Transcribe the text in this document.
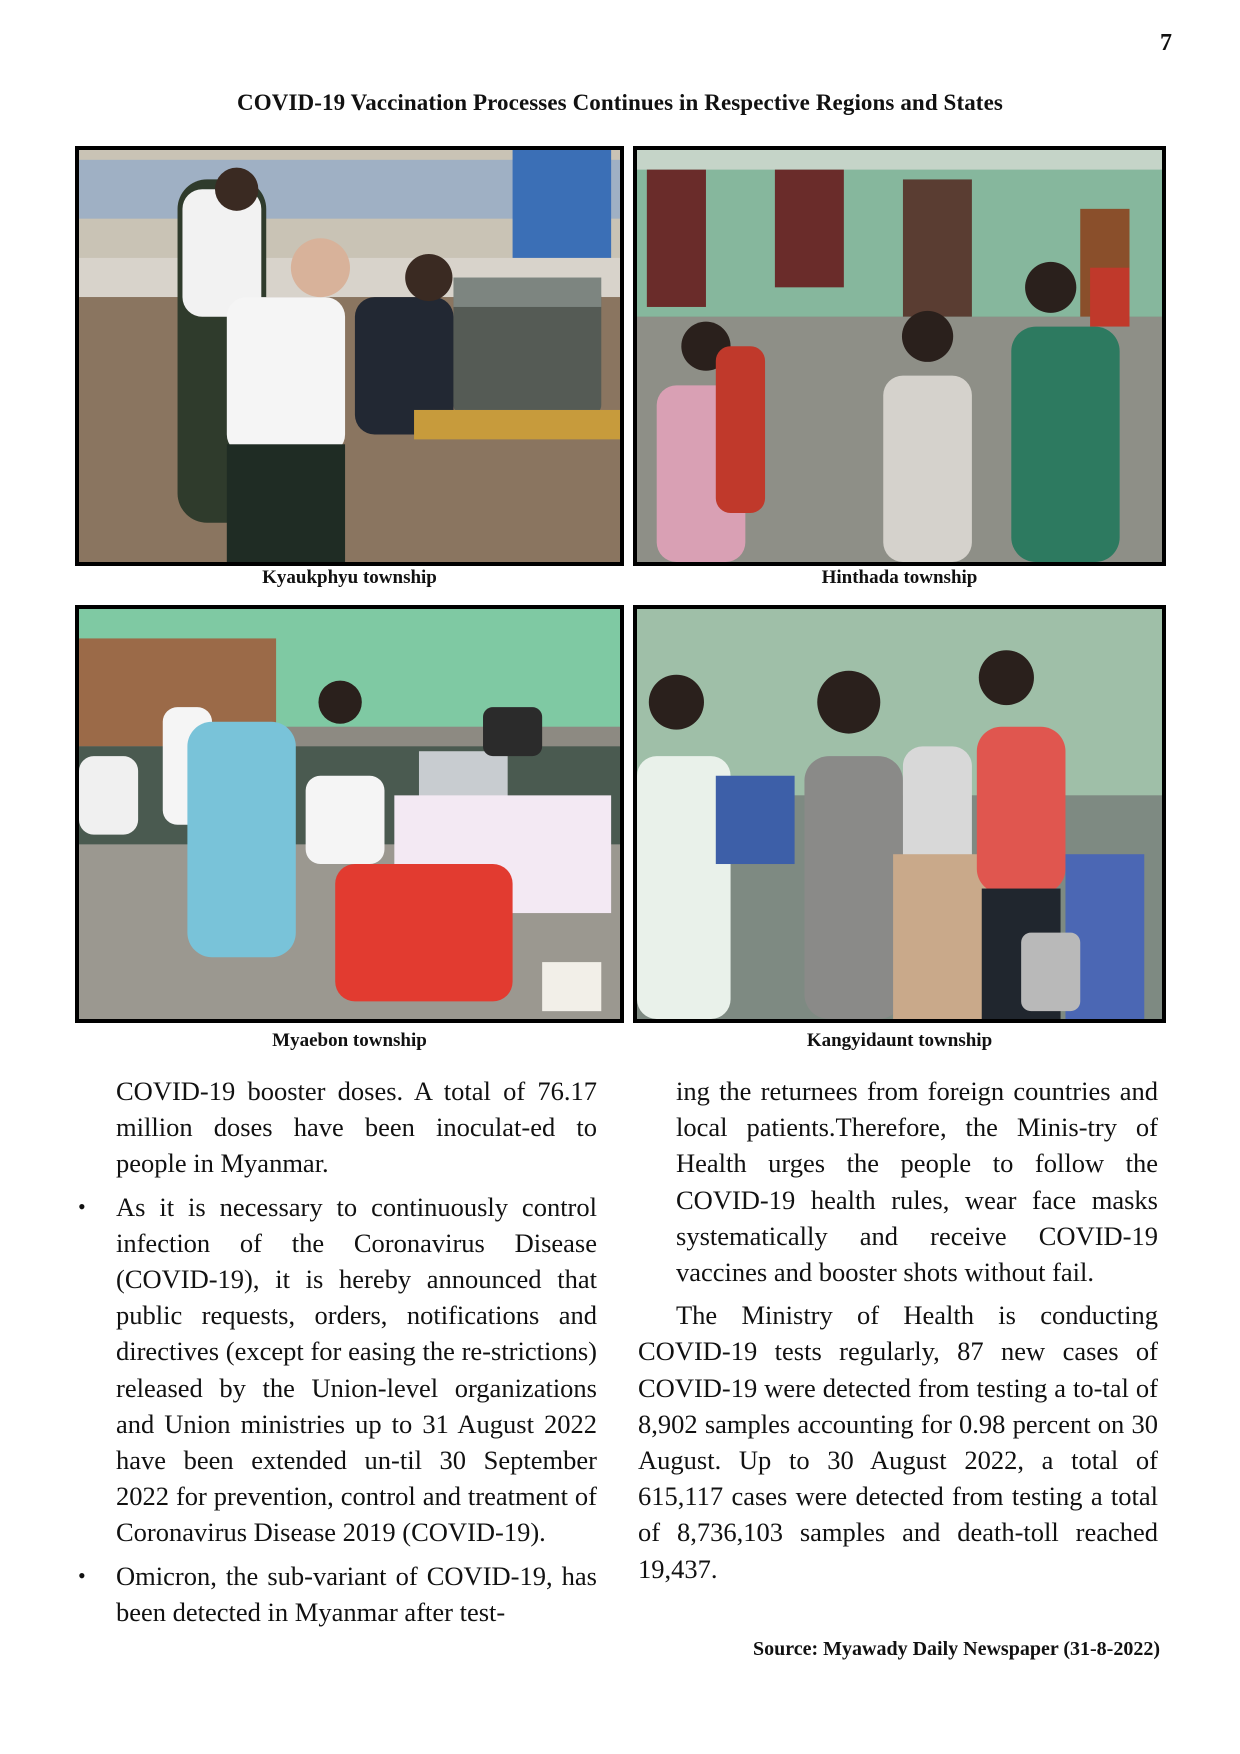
7
COVID-19 Vaccination Processes Continues in Respective Regions and States
Kyaukphyu township	Hinthada township
Myaebon township	Kangyidaunt township

COVID-19 booster doses. A total of 76.17 million doses have been inoculat-ed to people in Myanmar.

• As it is necessary to continuously control infection of the Coronavirus Disease (COVID-19), it is hereby announced that public requests, orders, notifications and directives (except for easing the re-strictions) released by the Union-level organizations and Union ministries up to 31 August 2022 have been extended un-til 30 September 2022 for prevention, control and treatment of Coronavirus Disease 2019 (COVID-19).
• Omicron, the sub-variant of COVID-19, has been detected in Myanmar after test-

ing the returnees from foreign countries and local patients.Therefore, the Minis-try of Health urges the people to follow the COVID-19 health rules, wear face masks systematically and receive COVID-19 vaccines and booster shots without fail.

The Ministry of Health is conducting COVID-19 tests regularly, 87 new cases of COVID-19 were detected from testing a to-tal of 8,902 samples accounting for 0.98 percent on 30 August. Up to 30 August 2022, a total of 615,117 cases were detected from testing a total of 8,736,103 samples and death-toll reached 19,437.

Source: Myawady Daily Newspaper (31-8-2022)
